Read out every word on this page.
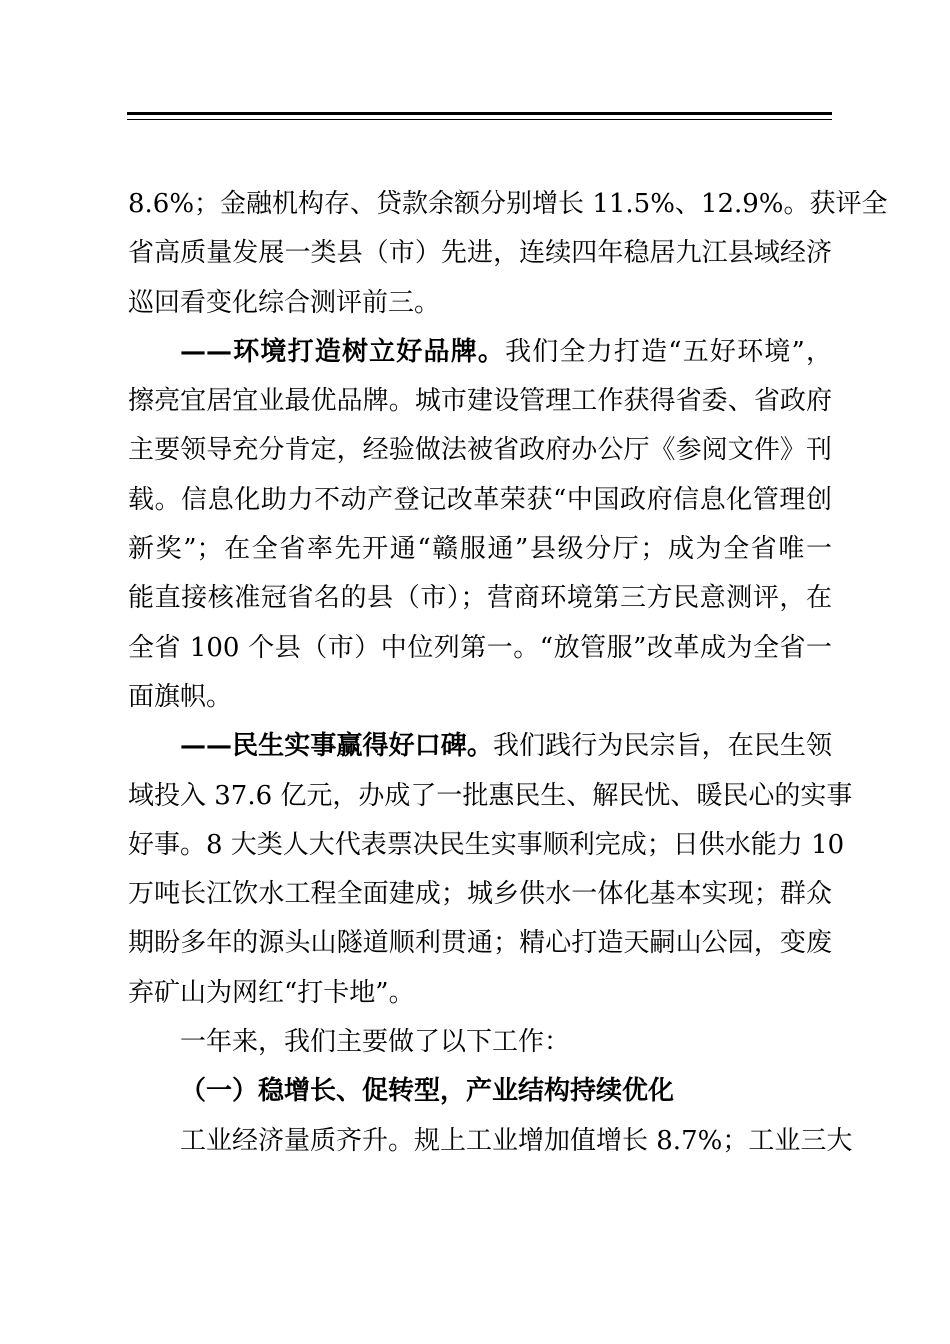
8.6%；金融机构存、贷款余额分别增长 11.5%、12.9%。获评全
省高质量发展一类县（市）先进，连续四年稳居九江县域经济
巡回看变化综合测评前三。
——环境打造树立好品牌。我们全力打造“五好环境”，
擦亮宜居宜业最优品牌。城市建设管理工作获得省委、省政府
主要领导充分肯定，经验做法被省政府办公厅《参阅文件》刊
载。信息化助力不动产登记改革荣获“中国政府信息化管理创
新奖”；在全省率先开通“赣服通”县级分厅；成为全省唯一
能直接核准冠省名的县（市）；营商环境第三方民意测评，在
全省 100 个县（市）中位列第一。“放管服”改革成为全省一
面旗帜。
——民生实事赢得好口碑。我们践行为民宗旨，在民生领
域投入 37.6 亿元，办成了一批惠民生、解民忧、暖民心的实事
好事。8 大类人大代表票决民生实事顺利完成；日供水能力 10
万吨长江饮水工程全面建成；城乡供水一体化基本实现；群众
期盼多年的源头山隧道顺利贯通；精心打造天嗣山公园，变废
弃矿山为网红“打卡地”。
一年来，我们主要做了以下工作：
（一）稳增长、促转型，产业结构持续优化
工业经济量质齐升。规上工业增加值增长 8.7%；工业三大
